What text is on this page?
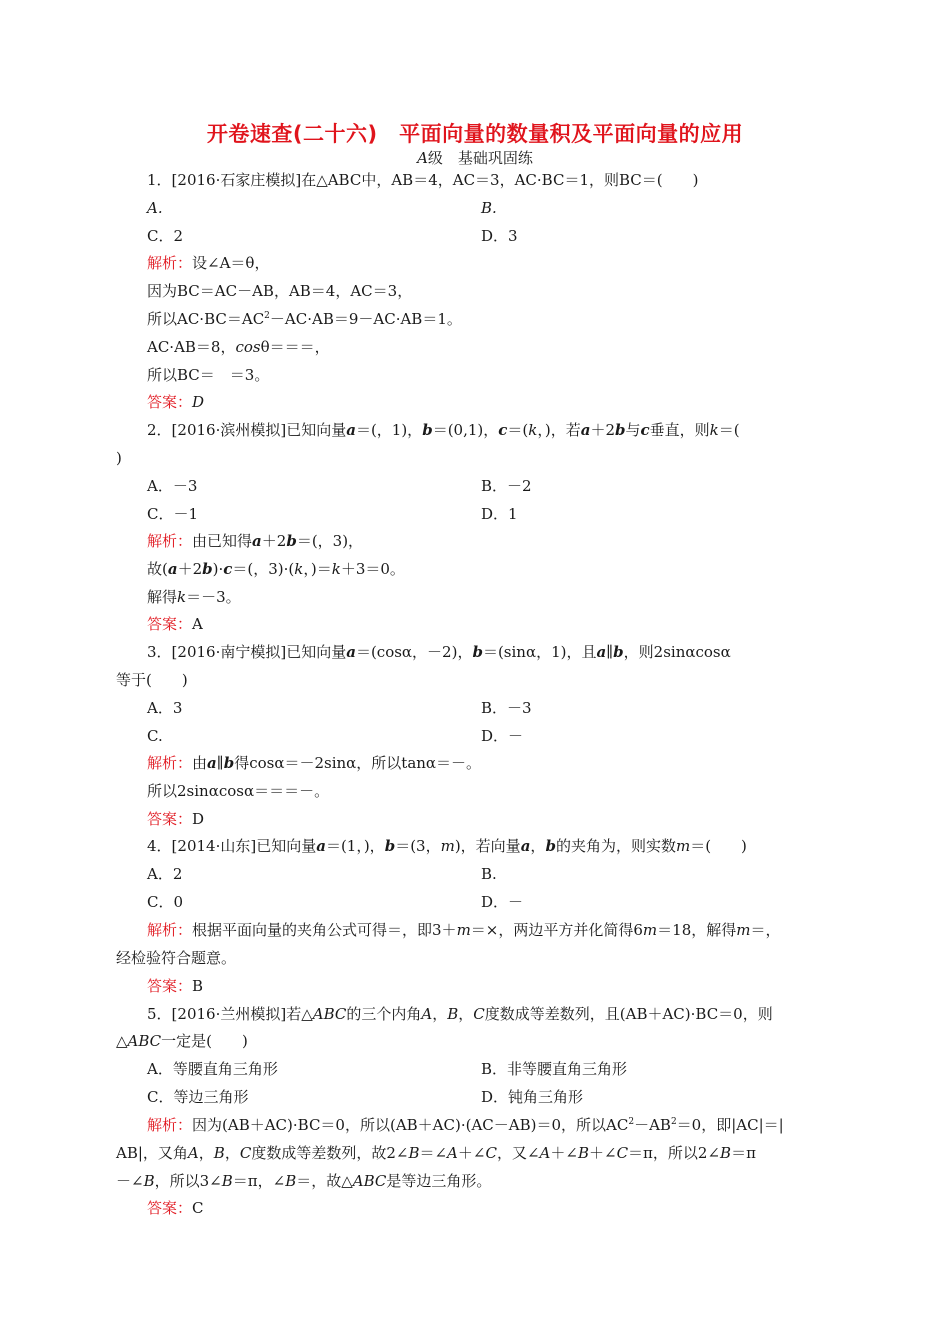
开卷速查(二十六)　平面向量的数量积及平面向量的应用
A级　基础巩固练
1．[2016·石家庄模拟]在△ABC中，AB＝4，AC＝3，AC·BC＝1，则BC＝(　　)
A.	B.
C．2	D．3
解析：设∠A＝θ，
因为BC＝AC－AB，AB＝4，AC＝3，
所以$AC\cdot BC=AC^2-AC\cdot AB=9-AC\cdot AB=1$。
AC·AB＝8，cosθ＝＝＝，
所以BC＝　＝3。
答案：D
2．[2016·滨州模拟]已知向量a＝(，1)，b＝(0,1)，c＝(k，)，若a＋2b与c垂直，则k＝(
)
A．－3	B．－2
C．－1	D．1
解析：由已知得a＋2b＝(，3)，
故(a＋2b)·c＝(，3)·(k，)＝k＋3＝0。
解得k＝－3。
答案：A
3．[2016·南宁模拟]已知向量a＝(cosα，－2)，b＝(sinα，1)，且a∥b，则2sinαcosα
等于(　　)
A．3	B．－3
C.	D．－
解析：由a∥b得cosα＝－2sinα，所以tanα＝－。
所以2sinαcosα＝＝＝－。
答案：D
4．[2014·山东]已知向量a＝(1，)，b＝(3，m)，若向量a，b的夹角为，则实数m＝(　　)
A．2	B.
C．0	D．－
解析：根据平面向量的夹角公式可得＝，即3＋m＝×，两边平方并化简得6m＝18，解得m＝，
经检验符合题意。
答案：B
5．[2016·兰州模拟]若△ABC的三个内角A，B，C度数成等差数列，且(AB＋AC)·BC＝0，则
△ABC一定是(　　)
A．等腰直角三角形	B．非等腰直角三角形
C．等边三角形	D．钝角三角形
解析：因为(AB＋AC)·BC＝0，所以(AB＋AC)·(AC－AB)＝0，所以$AC^2-AB^2=0$，即|AC|＝|
AB|，又角A，B，C度数成等差数列，故2∠B＝∠A＋∠C，又∠A＋∠B＋∠C＝π，所以2∠B＝π
－∠B，所以3∠B＝π，∠B＝，故△ABC是等边三角形。
答案：C
